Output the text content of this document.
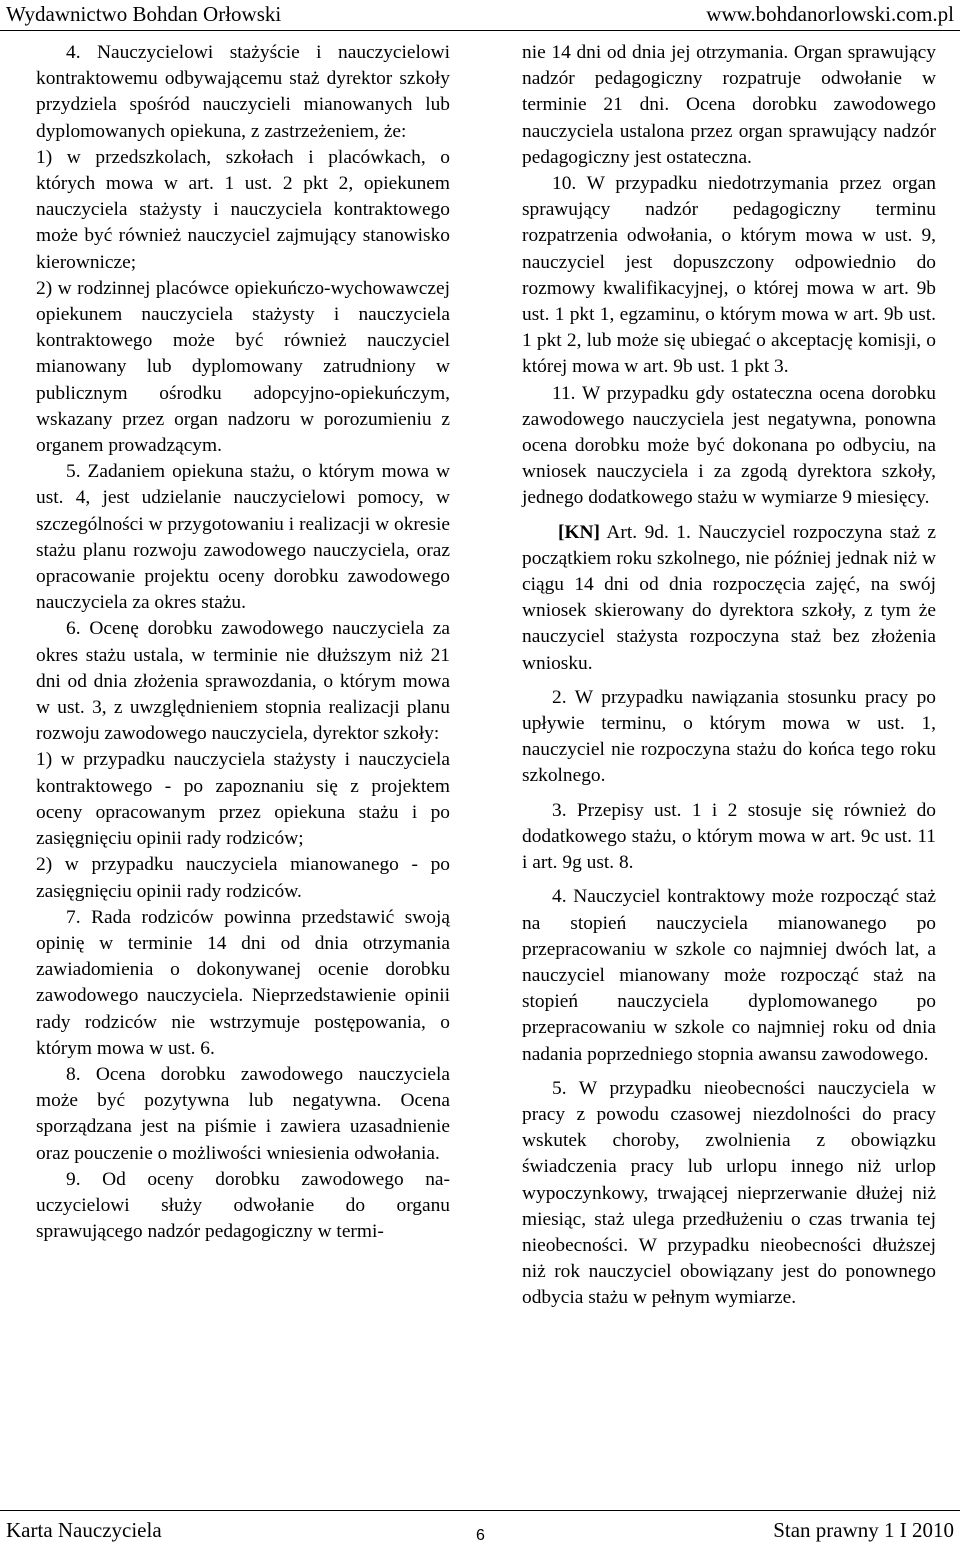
Wydawnictwo Bohdan Orłowski	www.bohdanorlowski.com.pl

4. Nauczycielowi stażyście i nauczycielowi kontraktowemu odbywającemu staż dyrektor szkoły przydziela spośród nauczycieli mianowanych lub dyplomowanych opiekuna, z zastrzeżeniem, że:

1) w przedszkolach, szkołach i placówkach, o których mowa w art. 1 ust. 2 pkt 2, opiekunem nauczyciela stażysty i nauczyciela kontraktowego może być również nauczyciel zajmujący stanowisko kierownicze;

2) w rodzinnej placówce opiekuńczo-wychowawczej opiekunem nauczyciela stażysty i nauczyciela kontraktowego może być również nauczyciel mianowany lub dyplomowany zatrudniony w publicznym ośrodku adopcyjno-opiekuńczym, wskazany przez organ nadzoru w porozumieniu z organem prowadzącym.

5. Zadaniem opiekuna stażu, o którym mowa w ust. 4, jest udzielanie nauczycielowi pomocy, w szczególności w przygotowaniu i realizacji w okresie stażu planu rozwoju zawodowego nauczyciela, oraz opracowanie projektu oceny dorobku zawodowego nauczyciela za okres stażu.

6. Ocenę dorobku zawodowego nauczyciela za okres stażu ustala, w terminie nie dłuższym niż 21 dni od dnia złożenia sprawozdania, o którym mowa w ust. 3, z uwzględnieniem stopnia realizacji planu rozwoju zawodowego nauczyciela, dyrektor szkoły:

1) w przypadku nauczyciela stażysty i nauczyciela kontraktowego - po zapoznaniu się z projektem oceny opracowanym przez opiekuna stażu i po zasięgnięciu opinii rady rodziców;

2) w przypadku nauczyciela mianowanego - po zasięgnięciu opinii rady rodziców.

7. Rada rodziców powinna przedstawić swoją opinię w terminie 14 dni od dnia otrzymania zawiadomienia o dokonywanej ocenie dorobku zawodowego nauczyciela. Nieprzedstawienie opinii rady rodziców nie wstrzymuje postępowania, o którym mowa w ust. 6.

8. Ocena dorobku zawodowego nauczyciela może być pozytywna lub negatywna. Ocena sporządzana jest na piśmie i zawiera uzasadnienie oraz pouczenie o możliwości wniesienia odwołania.

9. Od oceny dorobku zawodowego nauczycielowi służy odwołanie do organu sprawującego nadzór pedagogiczny w termi-

nie 14 dni od dnia jej otrzymania. Organ sprawujący nadzór pedagogiczny rozpatruje odwołanie w terminie 21 dni. Ocena dorobku zawodowego nauczyciela ustalona przez organ sprawujący nadzór pedagogiczny jest ostateczna.

10. W przypadku niedotrzymania przez organ sprawujący nadzór pedagogiczny terminu rozpatrzenia odwołania, o którym mowa w ust. 9, nauczyciel jest dopuszczony odpowiednio do rozmowy kwalifikacyjnej, o której mowa w art. 9b ust. 1 pkt 1, egzaminu, o którym mowa w art. 9b ust. 1 pkt 2, lub może się ubiegać o akceptację komisji, o której mowa w art. 9b ust. 1 pkt 3.

11. W przypadku gdy ostateczna ocena dorobku zawodowego nauczyciela jest negatywna, ponowna ocena dorobku może być dokonana po odbyciu, na wniosek nauczyciela i za zgodą dyrektora szkoły, jednego dodatkowego stażu w wymiarze 9 miesięcy.

[KN] Art. 9d. 1. Nauczyciel rozpoczyna staż z początkiem roku szkolnego, nie później jednak niż w ciągu 14 dni od dnia rozpoczęcia zajęć, na swój wniosek skierowany do dyrektora szkoły, z tym że nauczyciel stażysta rozpoczyna staż bez złożenia wniosku.

2. W przypadku nawiązania stosunku pracy po upływie terminu, o którym mowa w ust. 1, nauczyciel nie rozpoczyna stażu do końca tego roku szkolnego.

3. Przepisy ust. 1 i 2 stosuje się również do dodatkowego stażu, o którym mowa w art. 9c ust. 11 i art. 9g ust. 8.

4. Nauczyciel kontraktowy może rozpocząć staż na stopień nauczyciela mianowanego po przepracowaniu w szkole co najmniej dwóch lat, a nauczyciel mianowany może rozpocząć staż na stopień nauczyciela dyplomowanego po przepracowaniu w szkole co najmniej roku od dnia nadania poprzedniego stopnia awansu zawodowego.

5. W przypadku nieobecności nauczyciela w pracy z powodu czasowej niezdolności do pracy wskutek choroby, zwolnienia z obowiązku świadczenia pracy lub urlopu innego niż urlop wypoczynkowy, trwającej nieprzerwanie dłużej niż miesiąc, staż ulega przedłużeniu o czas trwania tej nieobecności. W przypadku nieobecności dłuższej niż rok nauczyciel obowiązany jest do ponownego odbycia stażu w pełnym wymiarze.

Karta Nauczyciela	6	Stan prawny 1 I 2010
